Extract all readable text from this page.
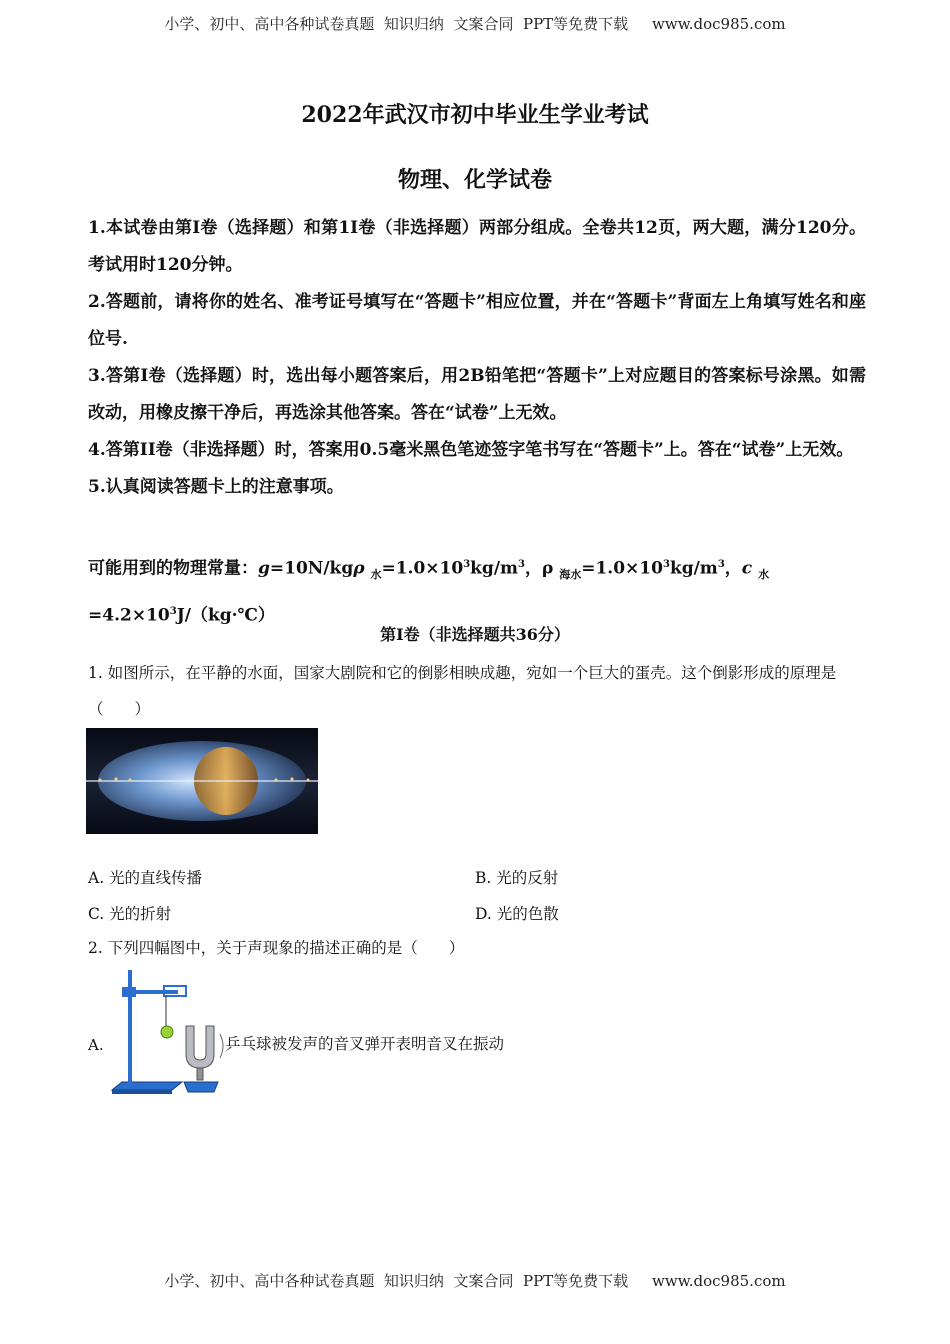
小学、初中、高中各种试卷真题  知识归纳  文案合同  PPT等免费下载     www.doc985.com
2022年武汉市初中毕业生学业考试
物理、化学试卷

1.本试卷由第I卷（选择题）和第1I卷（非选择题）两部分组成。全卷共12页，两大题，满分120分。考试用时120分钟。

2.答题前，请将你的姓名、准考证号填写在“答题卡”相应位置，并在“答题卡”背面左上角填写姓名和座位号.

3.答第I卷（选择题）时，选出每小题答案后，用2B铅笔把“答题卡”上对应题目的答案标号涂黑。如需改动，用橡皮擦干净后，再选涂其他答案。答在“试卷”上无效。

4.答第II卷（非选择题）时，答案用0.5毫米黑色笔迹签字笔书写在“答题卡”上。答在“试卷”上无效。

5.认真阅读答题卡上的注意事项。

可能用到的物理常量：g=10N/kgρ $_水=1.0\times 10^3kg/m^3$，ρ $_{海水}=1.0\times 10^3kg/m^3$，c $_水$
$=4.2\times 10^3J/(kg\cdot℃)$
第I卷（非选择题共36分）
1. 如图所示，在平静的水面，国家大剧院和它的倒影相映成趣，宛如一个巨大的蛋壳。这个倒影形成的原理是（　　）
A. 光的直线传播	B. 光的反射
C. 光的折射	D. 光的色散
2. 下列四幅图中，关于声现象的描述正确的是（　　）
A.	乒乓球被发声的音叉弹开表明音叉在振动
小学、初中、高中各种试卷真题  知识归纳  文案合同  PPT等免费下载     www.doc985.com
